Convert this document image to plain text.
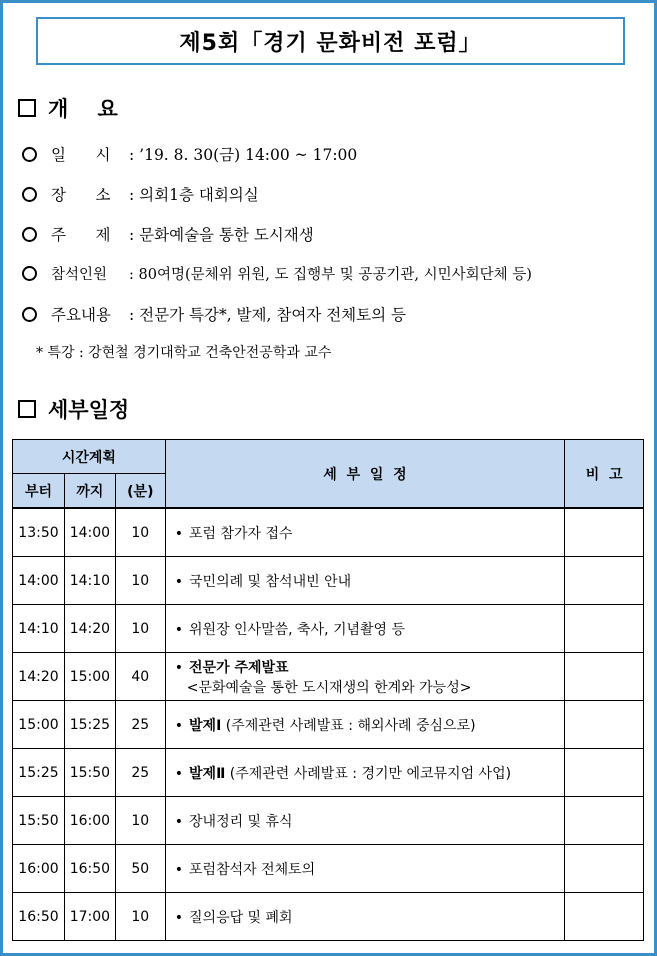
제5회「경기 문화비전 포럼」
개    요
일      시	: ’19. 8. 30(금) 14:00 ~ 17:00
장      소	: 의회1층 대회의실
주      제	: 문화예술을 통한 도시재생
참석인원	: 80여명(문체위 위원, 도 집행부 및 공공기관, 시민사회단체 등)
주요내용	: 전문가 특강*, 발제, 참여자 전체토의 등
* 특강 : 강현철 경기대학교 건축안전공학과 교수
세부일정
시간계획			세  부  일  정	비  고
부터	까지	(분)		
13:50	14:00	10	• 포럼 참가자 접수	
14:00	14:10	10	• 국민의례 및 참석내빈 안내	
14:10	14:20	10	• 위원장 인사말씀, 축사, 기념촬영 등	
14:20	15:00	40	• 전문가 주제발표
<문화예술을 통한 도시재생의 한계와 가능성>	

15:00	15:25	25	• 발제Ⅰ (주제관련 사례발표 : 해외사례 중심으로)	
15:25	15:50	25	• 발제Ⅱ (주제관련 사례발표 : 경기만 에코뮤지엄 사업)	
15:50	16:00	10	• 장내정리 및 휴식	
16:00	16:50	50	• 포럼참석자 전체토의	
16:50	17:00	10	• 질의응답 및 폐회	
